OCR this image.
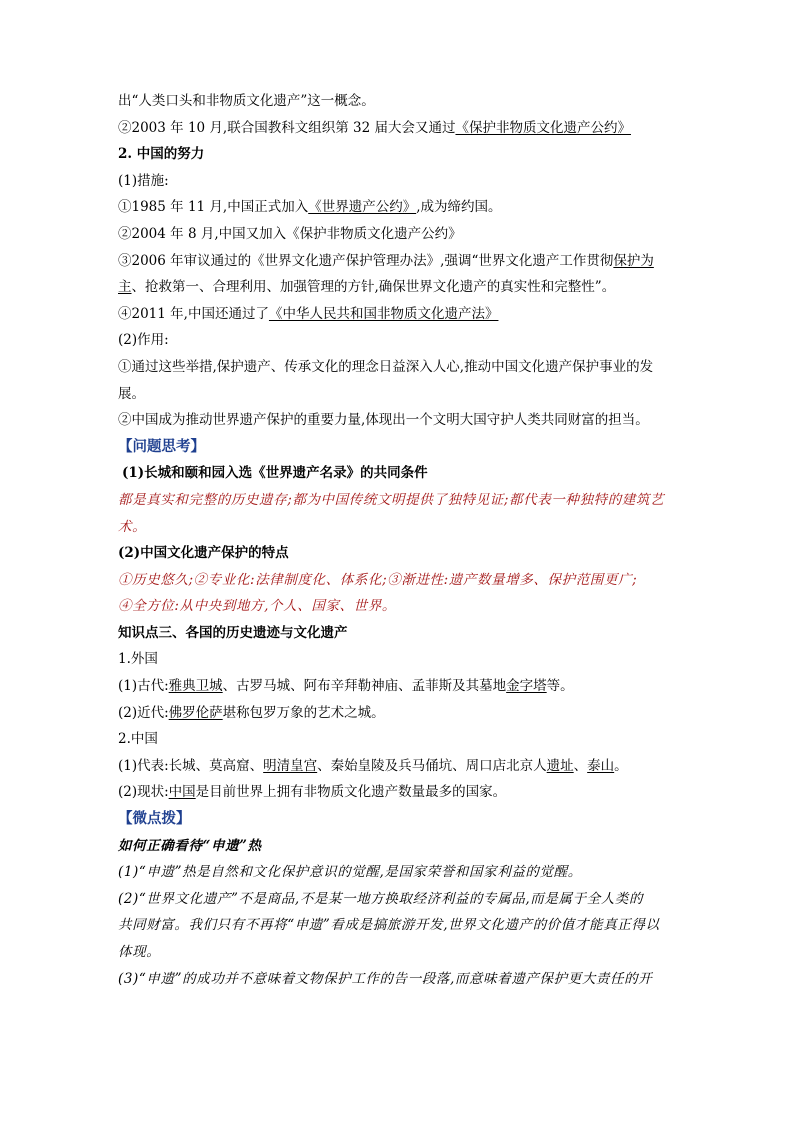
出“人类口头和非物质文化遗产”这一概念。
②2003 年 10 月,联合国教科文组织第 32 届大会又通过《保护非物质文化遗产公约》
2. 中国的努力
(1)措施:
①1985 年 11 月,中国正式加入《世界遗产公约》,成为缔约国。
②2004 年 8 月,中国又加入《保护非物质文化遗产公约》
③2006 年审议通过的《世界文化遗产保护管理办法》,强调“世界文化遗产工作贯彻保护为
主、抢救第一、合理利用、加强管理的方针,确保世界文化遗产的真实性和完整性”。
④2011 年,中国还通过了《中华人民共和国非物质文化遗产法》
(2)作用:
①通过这些举措,保护遗产、传承文化的理念日益深入人心,推动中国文化遗产保护事业的发
展。
②中国成为推动世界遗产保护的重要力量,体现出一个文明大国守护人类共同财富的担当。
【问题思考】
(1)长城和颐和园入选《世界遗产名录》的共同条件
都是真实和完整的历史遗存;都为中国传统文明提供了独特见证;都代表一种独特的建筑艺
术。
(2)中国文化遗产保护的特点
①历史悠久;②专业化:法律制度化、体系化;③渐进性:遗产数量增多、保护范围更广;
④全方位:从中央到地方,个人、国家、世界。
知识点三、各国的历史遗迹与文化遗产
1.外国
(1)古代:雅典卫城、古罗马城、阿布辛拜勒神庙、孟菲斯及其墓地金字塔等。
(2)近代:佛罗伦萨堪称包罗万象的艺术之城。
2.中国
(1)代表:长城、莫高窟、明清皇宫、秦始皇陵及兵马俑坑、周口店北京人遗址、泰山。
(2)现状:中国是目前世界上拥有非物质文化遗产数量最多的国家。
【微点拨】
如何正确看待“申遗”热
(1)“申遗”热是自然和文化保护意识的觉醒,是国家荣誉和国家利益的觉醒。
(2)“世界文化遗产”不是商品,不是某一地方换取经济利益的专属品,而是属于全人类的
共同财富。我们只有不再将“申遗”看成是搞旅游开发,世界文化遗产的价值才能真正得以
体现。
(3)“申遗”的成功并不意味着文物保护工作的告一段落,而意味着遗产保护更大责任的开
